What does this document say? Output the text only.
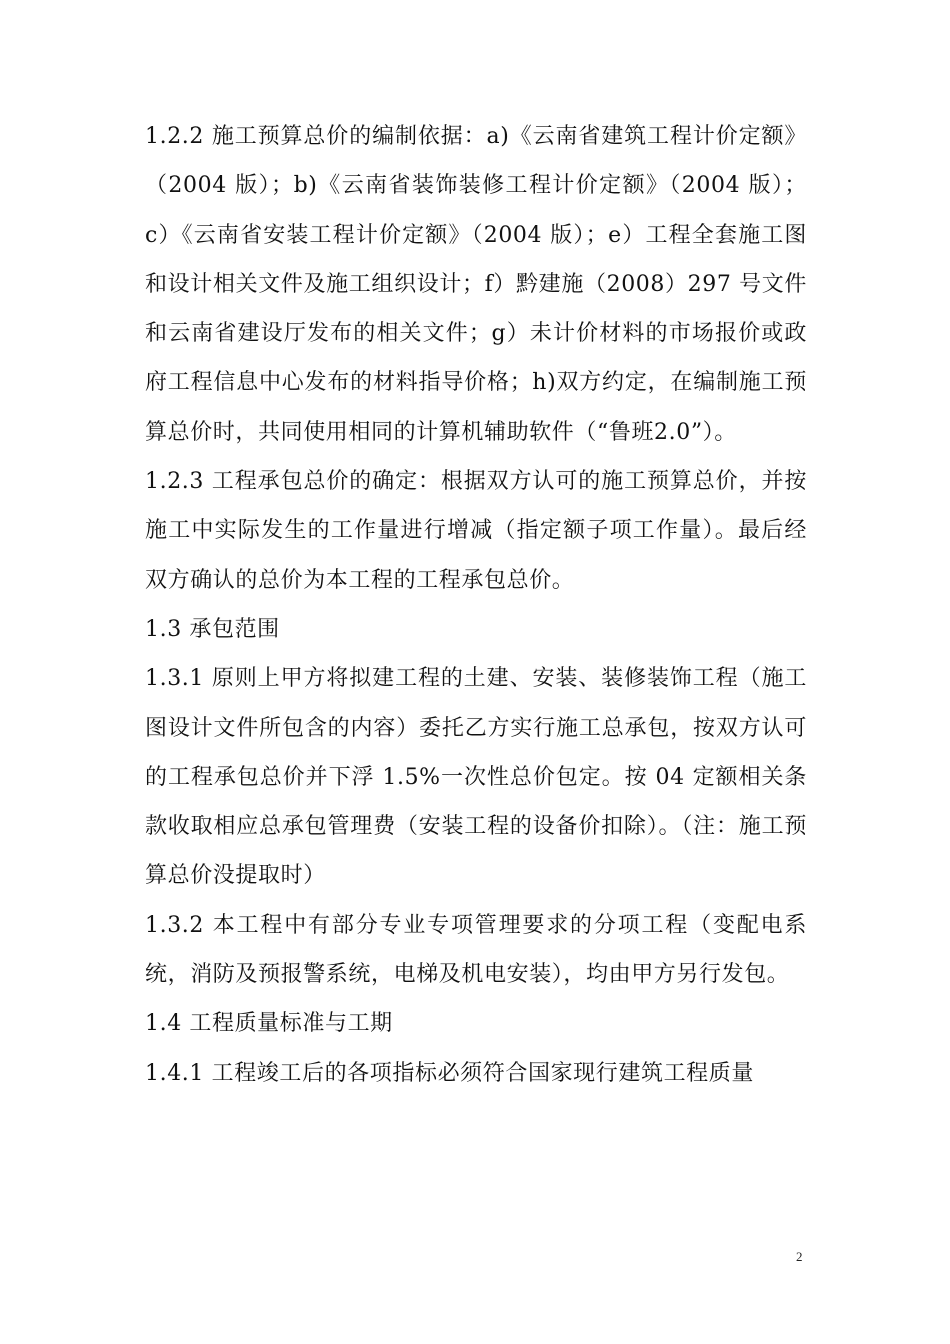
1.2.2 施工预算总价的编制依据：a)《云南省建筑工程计价定额》（2004 版）；b)《云南省装饰装修工程计价定额》（2004 版）；c）《云南省安装工程计价定额》（2004 版）；e）工程全套施工图和设计相关文件及施工组织设计；f）黔建施（2008）297 号文件和云南省建设厅发布的相关文件；g）未计价材料的市场报价或政府工程信息中心发布的材料指导价格；h)双方约定，在编制施工预算总价时，共同使用相同的计算机辅助软件（“鲁班2.0”）。

1.2.3 工程承包总价的确定：根据双方认可的施工预算总价，并按施工中实际发生的工作量进行增减（指定额子项工作量）。最后经双方确认的总价为本工程的工程承包总价。

1.3 承包范围

1.3.1 原则上甲方将拟建工程的土建、安装、装修装饰工程（施工图设计文件所包含的内容）委托乙方实行施工总承包，按双方认可的工程承包总价并下浮 1.5%一次性总价包定。按 04 定额相关条款收取相应总承包管理费（安装工程的设备价扣除）。（注：施工预算总价没提取时）

1.3.2 本工程中有部分专业专项管理要求的分项工程（变配电系统，消防及预报警系统，电梯及机电安装），均由甲方另行发包。

1.4 工程质量标准与工期

1.4.1 工程竣工后的各项指标必须符合国家现行建筑工程质量

2
